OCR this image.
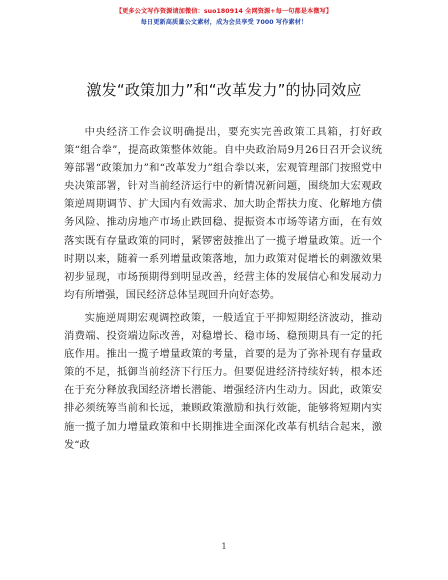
【更多公文写作资源请加微信：suo180914 全网资源+每一句都是本微写】
每日更新高质量公文素材，成为会员享受 7000 写作素材！
激发“政策加力”和“改革发力”的协同效应

中央经济工作会议明确提出，要充实完善政策工具箱，打好政策“组合拳”，提高政策整体效能。自中央政治局9月26日召开会议统筹部署“政策加力”和“改革发力”组合拳以来，宏观管理部门按照党中央决策部署，针对当前经济运行中的新情况新问题，围绕加大宏观政策逆周期调节、扩大国内有效需求、加大助企帮扶力度、化解地方债务风险、推动房地产市场止跌回稳、提振资本市场等诸方面，在有效落实既有存量政策的同时，紧锣密鼓推出了一揽子增量政策。近一个时期以来，随着一系列增量政策落地，加力政策对促增长的刺激效果初步显现，市场预期得到明显改善，经营主体的发展信心和发展动力均有所增强，国民经济总体呈现回升向好态势。

实施逆周期宏观调控政策，一般适宜于平抑短期经济波动，推动消费端、投资端边际改善，对稳增长、稳市场、稳预期具有一定的托底作用。推出一揽子增量政策的考量，首要的是为了弥补现有存量政策的不足，抵御当前经济下行压力。但要促进经济持续好转，根本还在于充分释放我国经济增长潜能、增强经济内生动力。因此，政策安排必须统筹当前和长远，兼顾政策激励和执行效能，能够将短期内实施一揽子加力增量政策和中长期推进全面深化改革有机结合起来，激发“政

1
